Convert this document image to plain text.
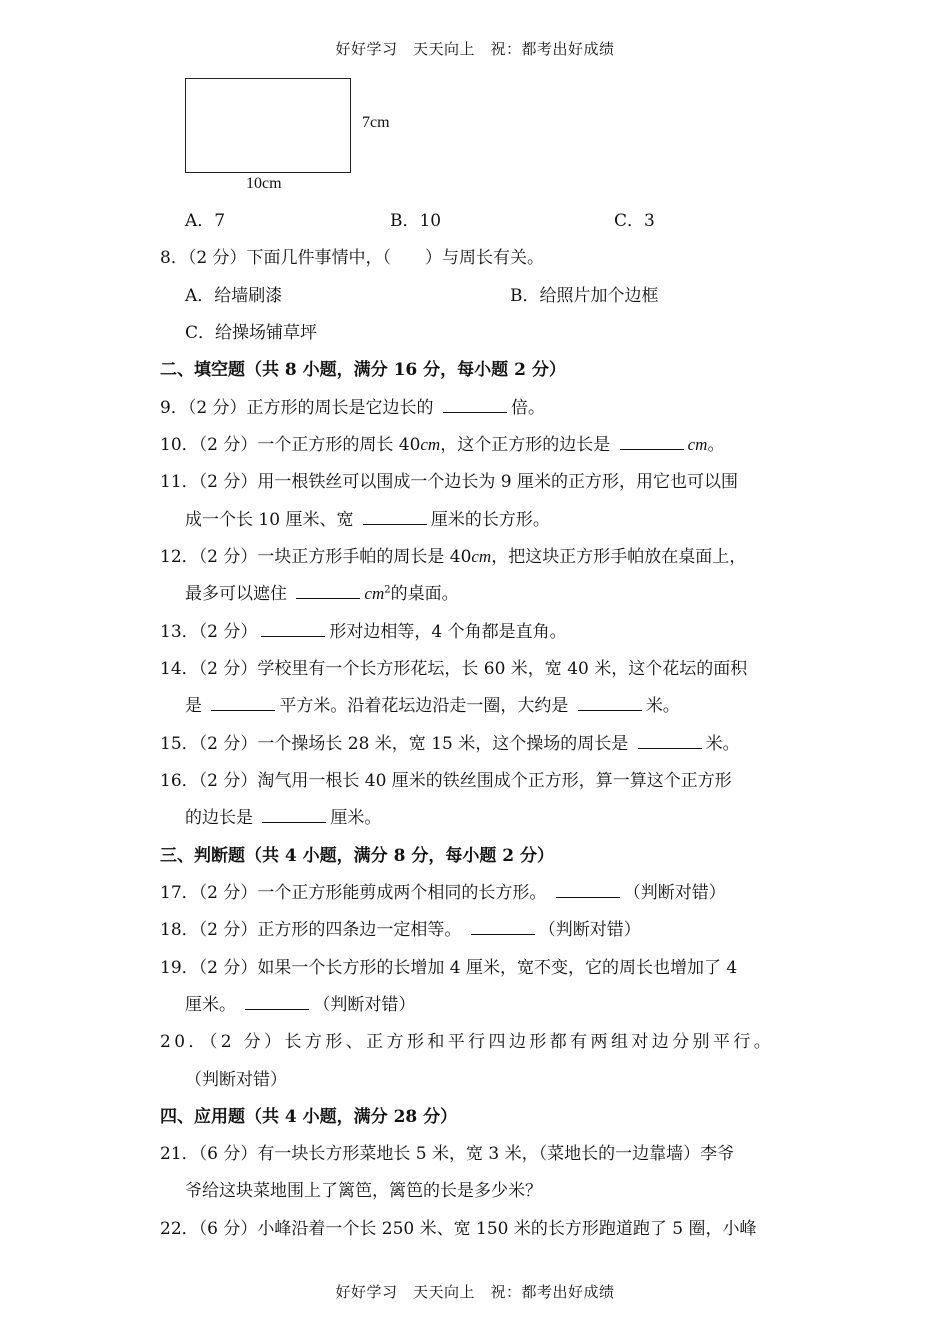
好好学习　天天向上　祝：都考出好成绩
7cm
10cm
A．7	B．10	C．3
8．（2 分）下面几件事情中，（　　）与周长有关。
A．给墙刷漆	B．给照片加个边框
C．给操场铺草坪
二、填空题（共 8 小题，满分 16 分，每小题 2 分）
9．（2 分）正方形的周长是它边长的	倍。
10．（2 分）一个正方形的周长 40cm，这个正方形的边长是	cm。
11．（2 分）用一根铁丝可以围成一个边长为 9 厘米的正方形，用它也可以围
成一个长 10 厘米、宽	厘米的长方形。
12．（2 分）一块正方形手帕的周长是 40cm，把这块正方形手帕放在桌面上，
最多可以遮住	$cm^2$的桌面。
13．（2 分）	形对边相等，4 个角都是直角。
14．（2 分）学校里有一个长方形花坛，长 60 米，宽 40 米，这个花坛的面积
是	平方米。沿着花坛边沿走一圈，大约是	米。
15．（2 分）一个操场长 28 米，宽 15 米，这个操场的周长是	米。
16．（2 分）淘气用一根长 40 厘米的铁丝围成个正方形，算一算这个正方形
的边长是	厘米。
三、判断题（共 4 小题，满分 8 分，每小题 2 分）
17．（2 分）一个正方形能剪成两个相同的长方形。	（判断对错）
18．（2 分）正方形的四条边一定相等。	（判断对错）
19．（2 分）如果一个长方形的长增加 4 厘米，宽不变，它的周长也增加了 4
厘米。	（判断对错）
20．（2 分）长方形、正方形和平行四边形都有两组对边分别平行。
（判断对错）
四、应用题（共 4 小题，满分 28 分）
21．（6 分）有一块长方形菜地长 5 米，宽 3 米，（菜地长的一边靠墙）李爷
爷给这块菜地围上了篱笆，篱笆的长是多少米？
22．（6 分）小峰沿着一个长 250 米、宽 150 米的长方形跑道跑了 5 圈，小峰
好好学习　天天向上　祝：都考出好成绩
